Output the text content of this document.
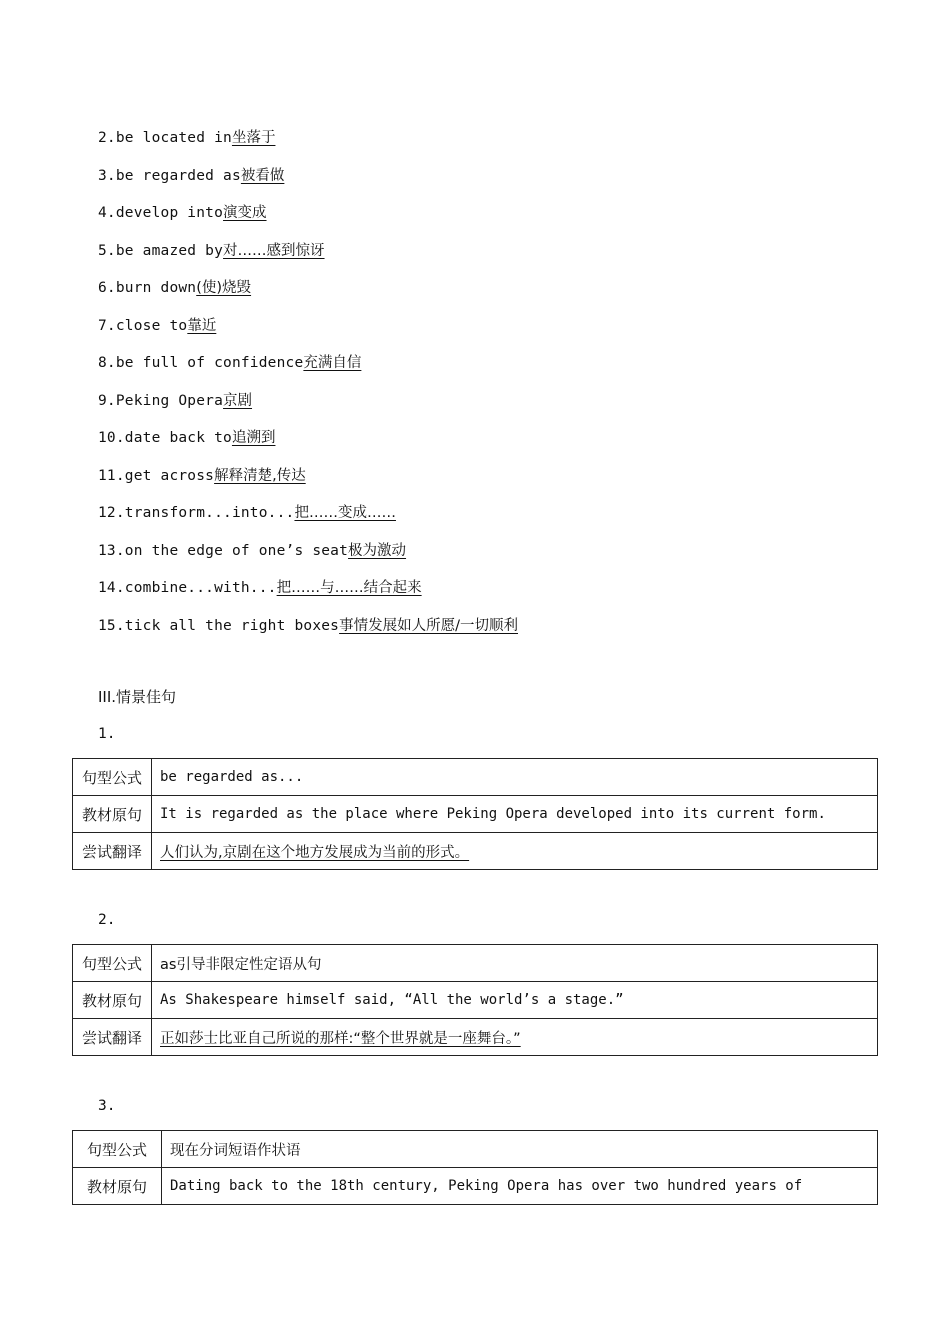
2.be located in坐落于
3.be regarded as被看做
4.develop into演变成
5.be amazed by对……感到惊讶
6.burn down(使)烧毁
7.close to靠近
8.be full of confidence充满自信
9.Peking Opera京剧
10.date back to追溯到
11.get across解释清楚,传达
12.transform...into...把……变成……
13.on the edge of one’s seat极为激动
14.combine...with...把……与……结合起来
15.tick all the right boxes事情发展如人所愿/一切顺利
III.情景佳句
1.
句型公式	be regarded as...
教材原句	It is regarded as the place where Peking Opera developed into its current form.
尝试翻译	人们认为,京剧在这个地方发展成为当前的形式。
2.
句型公式	as引导非限定性定语从句
教材原句	As Shakespeare himself said, “All the world’s a stage.”
尝试翻译	正如莎士比亚自己所说的那样:“整个世界就是一座舞台。”
3.
句型公式	现在分词短语作状语
教材原句	Dating back to the 18th century, Peking Opera has over two hundred years of
